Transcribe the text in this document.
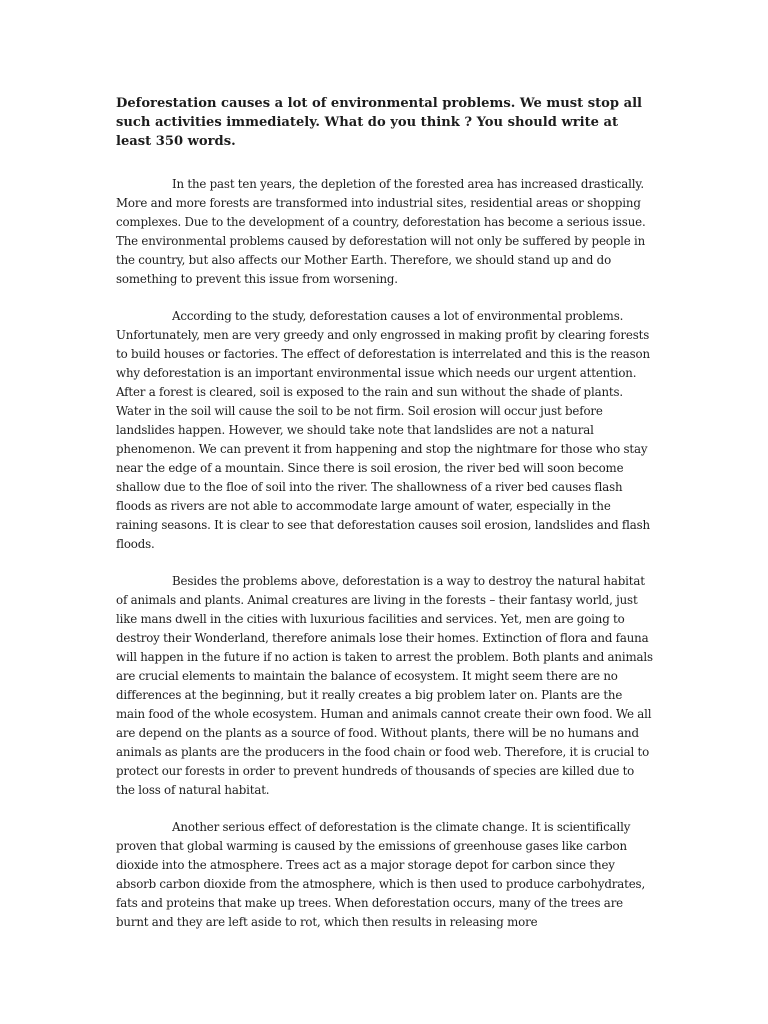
Deforestation causes a lot of environmental problems. We must stop all such activities immediately. What do you think ? You should write at least 350 words.

In the past ten years, the depletion of the forested area has increased drastically. More and more forests are transformed into industrial sites, residential areas or shopping complexes. Due to the development of a country, deforestation has become a serious issue. The environmental problems caused by deforestation will not only be suffered by people in the country, but also affects our Mother Earth. Therefore, we should stand up and do something to prevent this issue from worsening.

According to the study, deforestation causes a lot of environmental problems. Unfortunately, men are very greedy and only engrossed in making profit by clearing forests to build houses or factories. The effect of deforestation is interrelated and this is the reason why deforestation is an important environmental issue which needs our urgent attention. After a forest is cleared, soil is exposed to the rain and sun without the shade of plants. Water in the soil will cause the soil to be not firm. Soil erosion will occur just before landslides happen. However, we should take note that landslides are not a natural phenomenon. We can prevent it from happening and stop the nightmare for those who stay near the edge of a mountain. Since there is soil erosion, the river bed will soon become shallow due to the floe of soil into the river. The shallowness of a river bed causes flash floods as rivers are not able to accommodate large amount of water, especially in the raining seasons. It is clear to see that deforestation causes soil erosion, landslides and flash floods.

Besides the problems above, deforestation is a way to destroy the natural habitat of animals and plants. Animal creatures are living in the forests – their fantasy world, just like mans dwell in the cities with luxurious facilities and services. Yet, men are going to destroy their Wonderland, therefore animals lose their homes. Extinction of flora and fauna will happen in the future if no action is taken to arrest the problem. Both plants and animals are crucial elements to maintain the balance of ecosystem. It might seem there are no differences at the beginning, but it really creates a big problem later on. Plants are the main food of the whole ecosystem. Human and animals cannot create their own food. We all are depend on the plants as a source of food. Without plants, there will be no humans and animals as plants are the producers in the food chain or food web. Therefore, it is crucial to protect our forests in order to prevent hundreds of thousands of species are killed due to the loss of natural habitat.

Another serious effect of deforestation is the climate change. It is scientifically proven that global warming is caused by the emissions of greenhouse gases like carbon dioxide into the atmosphere. Trees act as a major storage depot for carbon since they absorb carbon dioxide from the atmosphere, which is then used to produce carbohydrates, fats and proteins that make up trees. When deforestation occurs, many of the trees are burnt and they are left aside to rot, which then results in releasing more
